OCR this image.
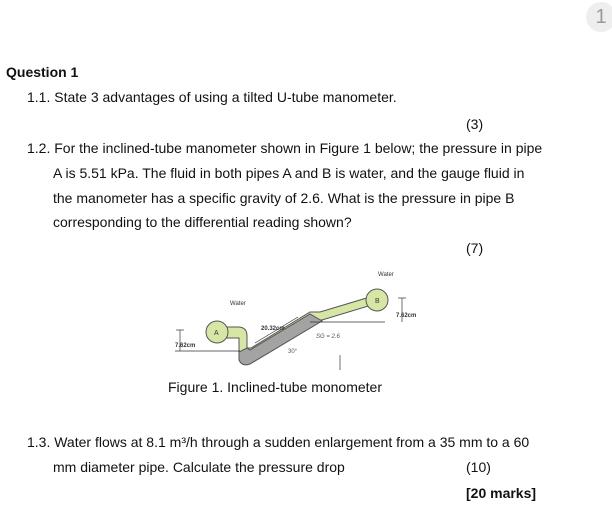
1
Question 1
1.1. State 3 advantages of using a tilted U-tube manometer.
(3)
1.2. For the inclined-tube manometer shown in Figure 1 below; the pressure in pipe
A is 5.51 kPa. The fluid in both pipes A and B is water, and the gauge fluid in
the manometer has a specific gravity of 2.6. What is the pressure in pipe B
corresponding to the differential reading shown?
(7)
Water
Water
A
B
7.62cm
7.62cm
20.32cm
SG = 2.6
30°
Figure 1. Inclined-tube monometer
1.3. Water flows at 8.1 m³/h through a sudden enlargement from a 35 mm to a 60
mm diameter pipe. Calculate the pressure drop	(10)
[20 marks]
